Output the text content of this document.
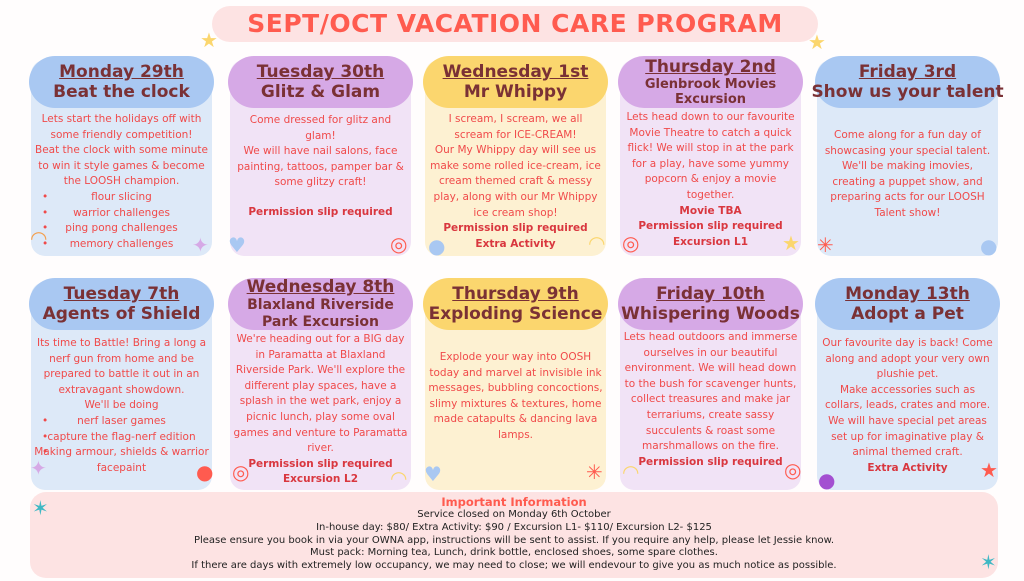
SEPT/OCT VACATION CARE PROGRAM
★	★
Monday 29th
Beat the clock

Lets start the holidays off with some friendly competition!

Beat the clock with some minute to win it style games & become the LOOSH champion.

• flour slicing
• warrior challenges
• ping pong challenges
• memory challenges
Tuesday 30th
Glitz & Glam

Come dressed for glitz and glam!

We will have nail salons, face painting, tattoos, pamper bar & some glitzy craft!

Permission slip required

Wednesday 1st
Mr Whippy

I scream, I scream, we all scream for ICE-CREAM!

Our My Whippy day will see us make some rolled ice-cream, ice cream themed craft & messy play, along with our Mr Whippy ice cream shop!

Permission slip required

Extra Activity

Thursday 2nd
Glenbrook Movies Excursion

Lets head down to our favourite Movie Theatre to catch a quick flick! We will stop in at the park for a play, have some yummy popcorn & enjoy a movie together.

Movie TBA

Permission slip required

Excursion L1

Friday 3rd
Show us your talent

Come along for a fun day of showcasing your special talent. We'll be making imovies, creating a puppet show, and preparing acts for our LOOSH Talent show!

Tuesday 7th
Agents of Shield

Its time to Battle! Bring a long a nerf gun from home and be prepared to battle it out in an extravagant showdown.

We'll be doing

• nerf laser games
• capture the flag-nerf edition
• Making armour, shields & warrior facepaint
Wednesday 8th
Blaxland Riverside Park Excursion

We're heading out for a BIG day in Paramatta at Blaxland Riverside Park. We'll explore the different play spaces, have a splash in the wet park, enjoy a picnic lunch, play some oval games and venture to Paramatta river.

Permission slip required

Excursion L2

Thursday 9th
Exploding Science

Explode your way into OOSH today and marvel at invisible ink messages, bubbling concoctions, slimy mixtures & textures, home made catapults & dancing lava lamps.

Friday 10th
Whispering Woods

Lets head outdoors and immerse ourselves in our beautiful environment. We will head down to the bush for scavenger hunts, collect treasures and make jar terrariums, create sassy succulents & roast some marshmallows on the fire.

Permission slip required

Monday 13th
Adopt a Pet

Our favourite day is back! Come along and adopt your very own plushie pet.

Make accessories such as collars, leads, crates and more. We will have special pet areas set up for imaginative play & animal themed craft.

Extra Activity

◠	✦ ♥	◎ ●	◠ ◎	★ ✳	●
✦	● ◎	◠ ♥	✳ ◠	◎ ●	★
Important Information
Service closed on Monday 6th October
In-house day: $80/ Extra Activity: $90 / Excursion L1- $110/ Excursion L2- $125
Please ensure you book in via your OWNA app, instructions will be sent to assist. If you require any help, please let Jessie know.
Must pack: Morning tea, Lunch, drink bottle, enclosed shoes, some spare clothes.
If there are days with extremely low occupancy, we may need to close; we will endevour to give you as much notice as possible.
✶
✶
